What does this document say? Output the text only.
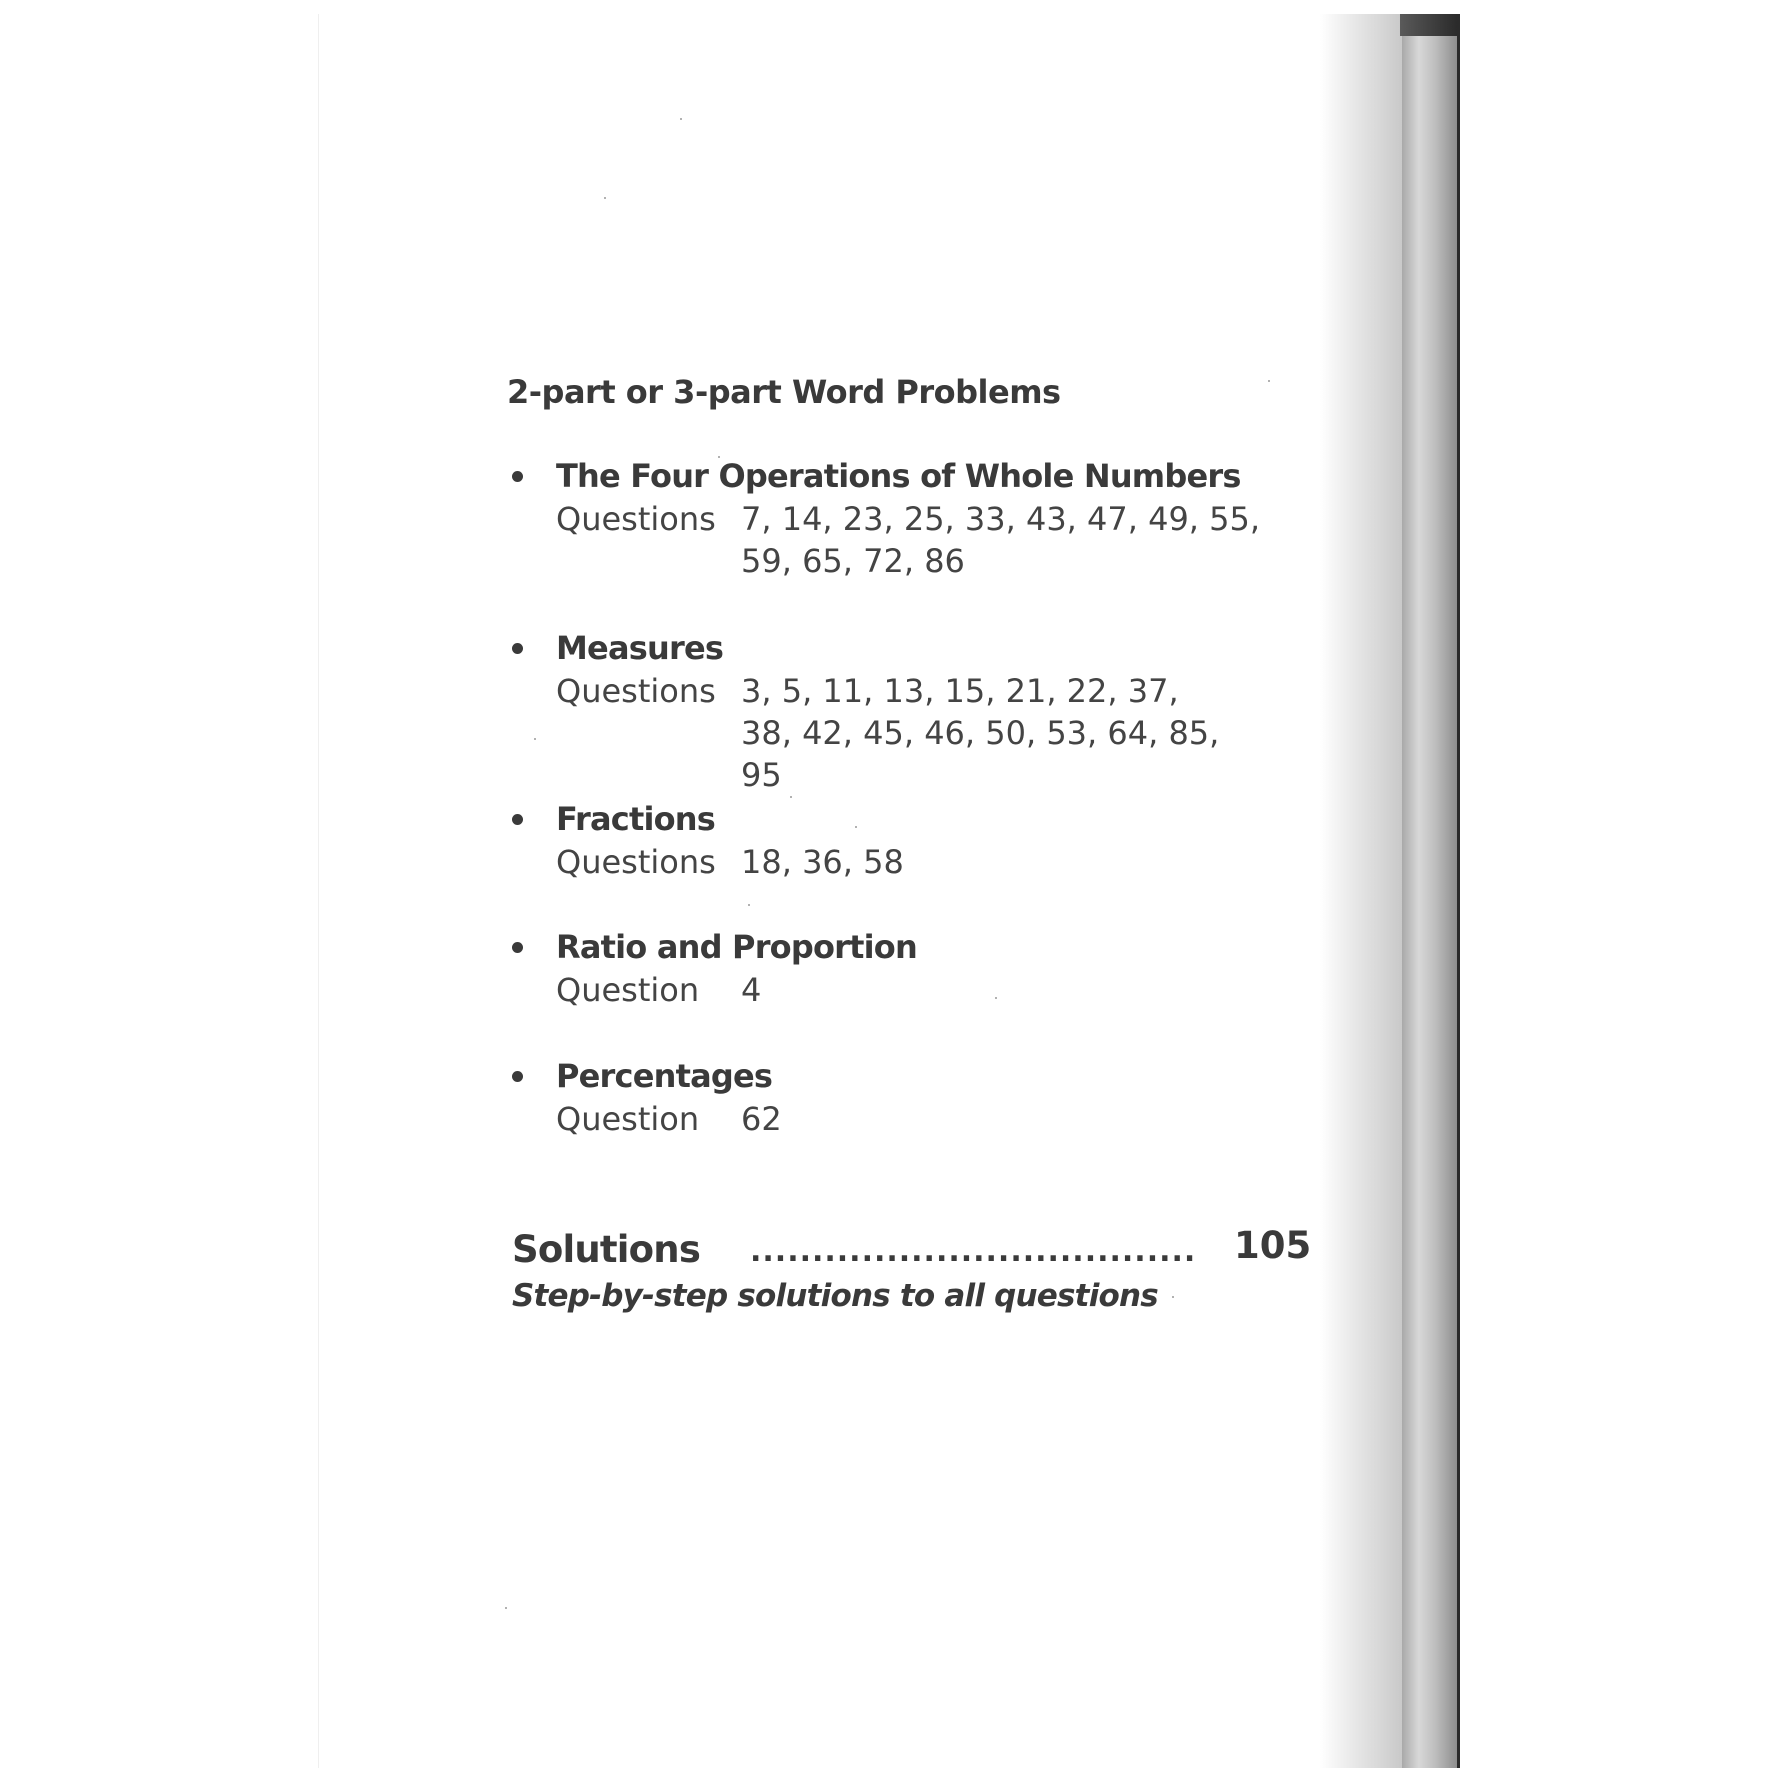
2-part or 3-part Word Problems
The Four Operations of Whole Numbers
Questions 7, 14, 23, 25, 33, 43, 47, 49, 55, 59, 65, 72, 86
Measures
Questions 3, 5, 11, 13, 15, 21, 22, 37, 38, 42, 45, 46, 50, 53, 64, 85, 95
Fractions
Questions 18, 36, 58
Ratio and Proportion
Question	4
Percentages
Question	62
Solutions ....................................	105
Step-by-step solutions to all questions
